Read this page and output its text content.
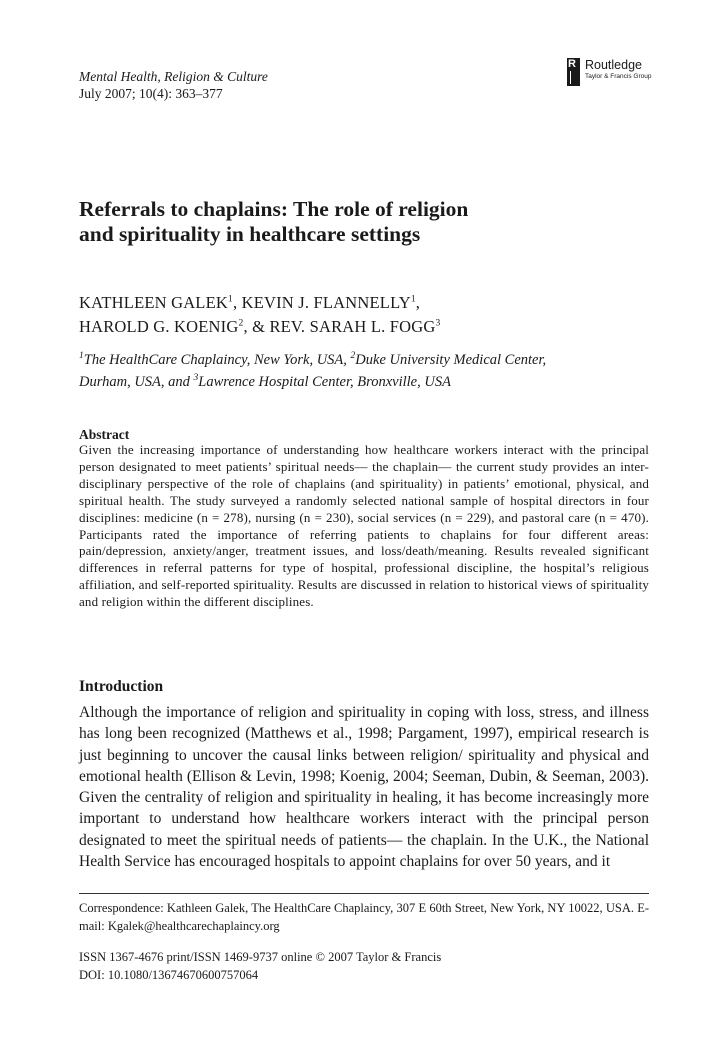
Mental Health, Religion & Culture
July 2007; 10(4): 363–377
R Routledge
Taylor & Francis Group
Referrals to chaplains: The role of religion
and spirituality in healthcare settings
KATHLEEN GALEK$^1$, KEVIN J. FLANNELLY$^1$,
HAROLD G. KOENIG$^2$, & REV. SARAH L. FOGG$^3$
$^1$The HealthCare Chaplaincy, New York, USA, $^2$Duke University Medical Center,
Durham, USA, and $^3$Lawrence Hospital Center, Bronxville, USA
Abstract
Given the increasing importance of understanding how healthcare workers interact with the principal person designated to meet patients’ spiritual needs— the chaplain— the current study provides an inter-disciplinary perspective of the role of chaplains (and spirituality) in patients’ emotional, physical, and spiritual health. The study surveyed a randomly selected national sample of hospital directors in four disciplines: medicine (n = 278), nursing (n = 230), social services (n = 229), and pastoral care (n = 470). Participants rated the importance of referring patients to chaplains for four different areas: pain/depression, anxiety/anger, treatment issues, and loss/death/meaning. Results revealed significant differences in referral patterns for type of hospital, professional discipline, the hospital’s religious affiliation, and self-reported spirituality. Results are discussed in relation to historical views of spirituality and religion within the different disciplines.
Introduction
Although the importance of religion and spirituality in coping with loss, stress, and illness has long been recognized (Matthews et al., 1998; Pargament, 1997), empirical research is just beginning to uncover the causal links between religion/ spirituality and physical and emotional health (Ellison & Levin, 1998; Koenig, 2004; Seeman, Dubin, & Seeman, 2003). Given the centrality of religion and spirituality in healing, it has become increasingly more important to understand how healthcare workers interact with the principal person designated to meet the spiritual needs of patients— the chaplain. In the U.K., the National Health Service has encouraged hospitals to appoint chaplains for over 50 years, and it
Correspondence: Kathleen Galek, The HealthCare Chaplaincy, 307 E 60th Street, New York, NY 10022, USA. E-mail: Kgalek@healthcarechaplaincy.org
ISSN 1367-4676 print/ISSN 1469-9737 online © 2007 Taylor & Francis
DOI: 10.1080/13674670600757064
